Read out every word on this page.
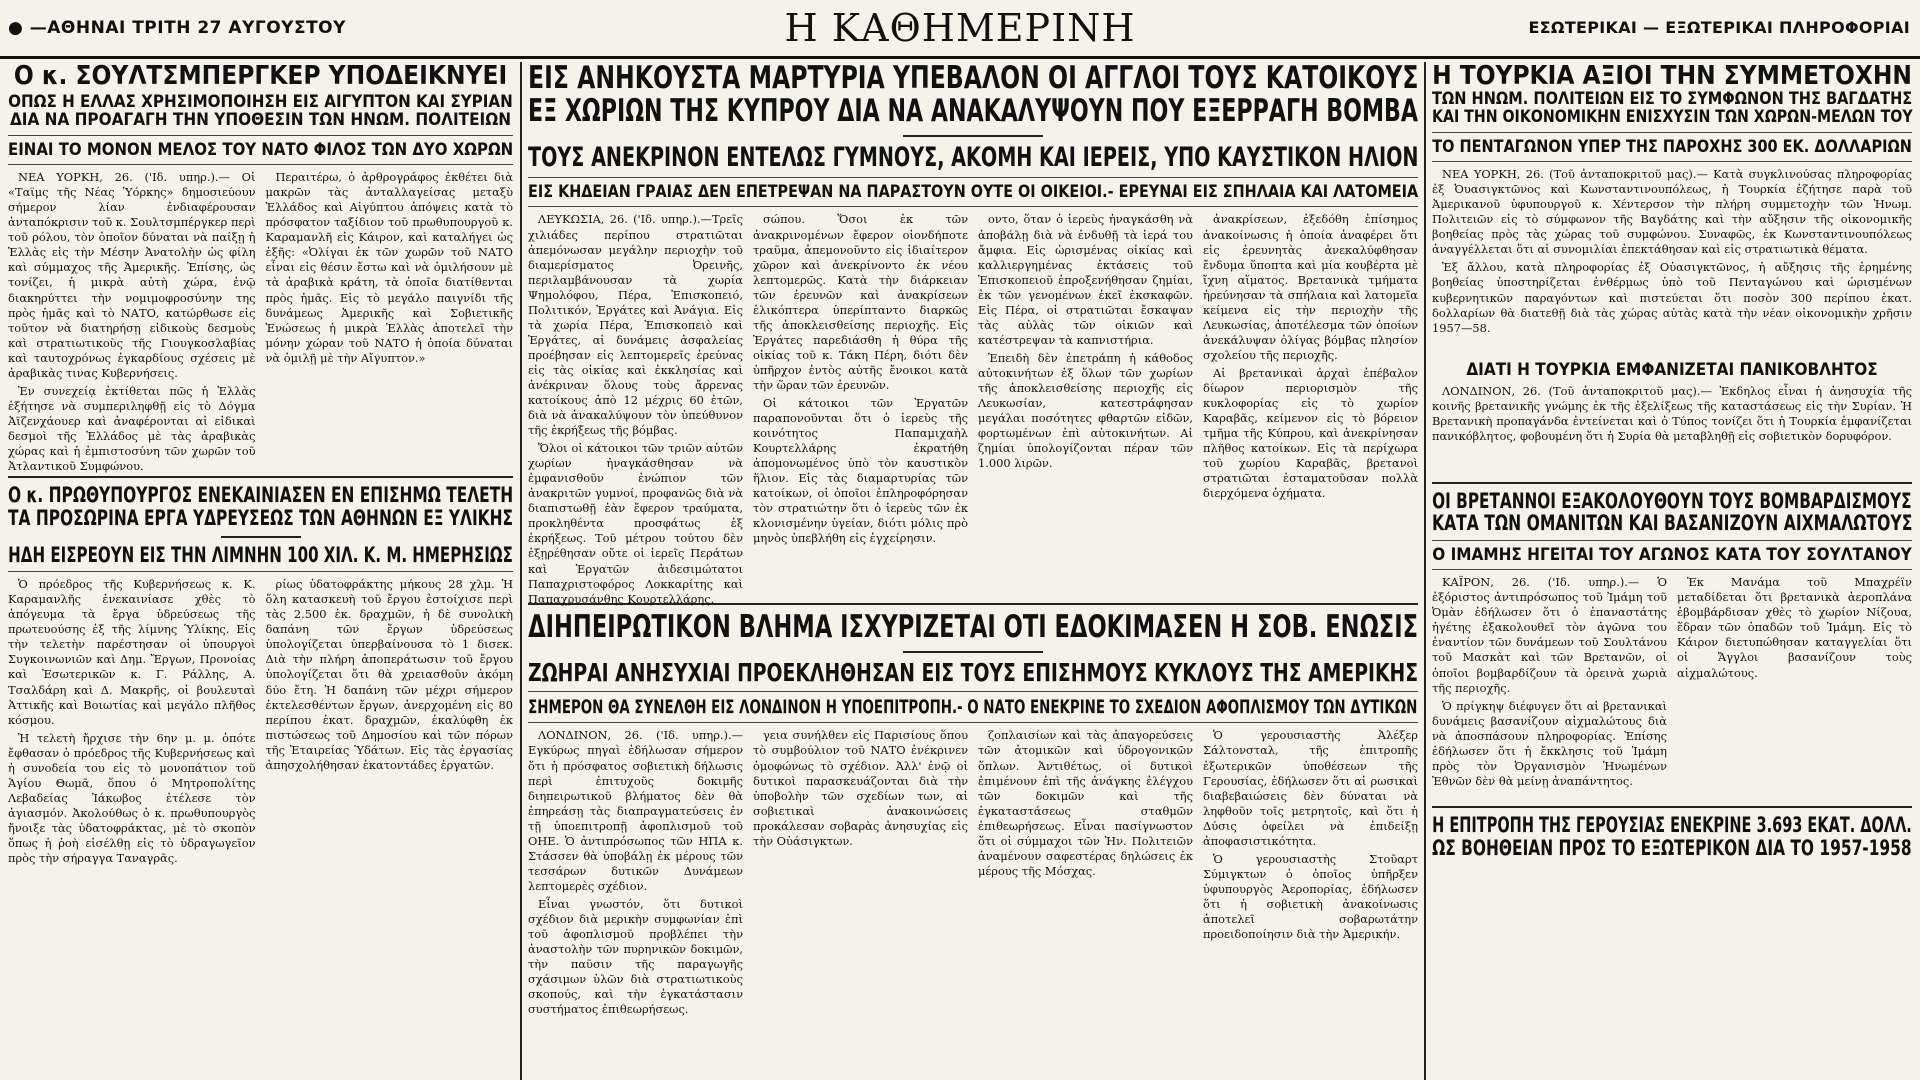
● —ΑΘΗΝΑΙ ΤΡΙΤΗ 27 ΑΥΓΟΥΣΤΟΥ	Η ΚΑΘΗΜΕΡΙΝΗ	ΕΣΩΤΕΡΙΚΑΙ — ΕΞΩΤΕΡΙΚΑΙ ΠΛΗΡΟΦΟΡΙΑΙ

Ο κ. ΣΟΥΛΤΣΜΠΕΡΓΚΕΡ ΥΠΟΔΕΙΚΝΥΕΙ

ΟΠΩΣ Η ΕΛΛΑΣ ΧΡΗΣΙΜΟΠΟΙΗΣΗ ΕΙΣ ΑΙΓΥΠΤΟΝ ΚΑΙ ΣΥΡΙΑΝ

ΔΙΑ ΝΑ ΠΡΟΑΓΑΓΗ ΤΗΝ ΥΠΟΘΕΣΙΝ ΤΩΝ ΗΝΩΜ. ΠΟΛΙΤΕΙΩΝ

ΕΙΝΑΙ ΤΟ ΜΟΝΟΝ ΜΕΛΟΣ ΤΟΥ ΝΑΤΟ ΦΙΛΟΣ ΤΩΝ ΔΥΟ ΧΩΡΩΝ

ΝΕΑ ΥΟΡΚΗ, 26. ('Ιδ. υπηρ.).— Οἱ «Ταϊμς τῆς Νέας Ὑόρκης» δημοσιεύουν σήμερον λίαν ἐνδιαφέρουσαν ἀνταπόκρισιν τοῦ κ. Σουλτσμπέργκερ περὶ τοῦ ρόλου, τὸν ὁποῖον δύναται νὰ παίξῃ ἡ Ἑλλὰς εἰς τὴν Μέσην Ἀνατολὴν ὡς φίλη καὶ σύμμαχος τῆς Ἀμερικῆς. Ἐπίσης, ὡς τονίζει, ἡ μικρὰ αὐτὴ χώρα, ἐνῷ διακηρύττει τὴν νομιμοφροσύνην της πρὸς ἡμᾶς καὶ τὸ ΝΑΤΟ, κατώρθωσε εἰς τοῦτον νὰ διατηρήσῃ εἰδικοὺς δεσμοὺς καὶ στρατιωτικοὺς τῆς Γιουγκοσλαβίας καὶ ταυτοχρόνως ἐγκαρδίους σχέσεις μὲ ἀραβικὰς τινας Κυβερνήσεις.

Ἐν συνεχείᾳ ἐκτίθεται πῶς ἡ Ἑλλὰς ἐξήτησε νὰ συμπεριληφθῇ εἰς τὸ Δόγμα Ἀϊζενχάουερ καὶ ἀναφέρονται αἱ εἰδικαὶ δεσμοὶ τῆς Ἑλλάδος μὲ τὰς ἀραβικὰς χώρας καὶ ἡ ἐμπιστοσύνη τῶν χωρῶν τοῦ Ἀτλαντικοῦ Συμφώνου.

Περαιτέρω, ὁ ἀρθρογράφος ἐκθέτει διὰ μακρῶν τὰς ἀνταλλαγείσας μεταξὺ Ἑλλάδος καὶ Αἰγύπτου ἀπόψεις κατὰ τὸ πρόσφατον ταξίδιον τοῦ πρωθυπουργοῦ κ. Καραμανλῆ εἰς Κάιρον, καὶ καταλήγει ὡς ἑξῆς: «Ὀλίγαι ἐκ τῶν χωρῶν τοῦ ΝΑΤΟ εἶναι εἰς θέσιν ἔστω καὶ νὰ ὁμιλήσουν μὲ τὰ ἀραβικὰ κράτη, τὰ ὁποῖα διατίθενται πρὸς ἡμᾶς. Εἰς τὸ μεγάλο παιγνίδι τῆς δυνάμεως Ἀμερικῆς καὶ Σοβιετικῆς Ἑνώσεως ἡ μικρὰ Ἑλλὰς ἀποτελεῖ τὴν μόνην χώραν τοῦ ΝΑΤΟ ἡ ὁποία δύναται νὰ ὁμιλῇ μὲ τὴν Αἴγυπτον.»

Ο κ. ΠΡΩΘΥΠΟΥΡΓΟΣ ΕΝΕΚΑΙΝΙΑΣΕΝ ΕΝ ΕΠΙΣΗΜΩ ΤΕΛΕΤΗ

ΤΑ ΠΡΟΣΩΡΙΝΑ ΕΡΓΑ ΥΔΡΕΥΣΕΩΣ ΤΩΝ ΑΘΗΝΩΝ ΕΞ ΥΛΙΚΗΣ

ΗΔΗ ΕΙΣΡΕΟΥΝ ΕΙΣ ΤΗΝ ΛΙΜΝΗΝ 100 ΧΙΛ. Κ. Μ. ΗΜΕΡΗΣΙΩΣ

Ὁ πρόεδρος τῆς Κυβερνήσεως κ. Κ. Καραμανλῆς ἐνεκαινίασε χθὲς τὸ ἀπόγευμα τὰ ἔργα ὑδρεύσεως τῆς πρωτευούσης ἐξ τῆς λίμνης Ὑλίκης. Εἰς τὴν τελετὴν παρέστησαν οἱ ὑπουργοὶ Συγκοινωνιῶν καὶ Δημ. Ἔργων, Προνοίας καὶ Ἐσωτερικῶν κ. Γ. Ράλλης, Α. Τσαλδάρη καὶ Δ. Μακρῆς, οἱ βουλευταὶ Ἀττικῆς καὶ Βοιωτίας καὶ μεγάλο πλῆθος κόσμου.

Ἡ τελετὴ ἤρχισε τὴν 6ην μ. μ. ὁπότε ἔφθασαν ὁ πρόεδρος τῆς Κυβερνήσεως καὶ ἡ συνοδεία του εἰς τὸ μονοπάτιον τοῦ Ἁγίου Θωμᾶ, ὅπου ὁ Μητροπολίτης Λεβαδείας Ἰάκωβος ἐτέλεσε τὸν ἁγιασμόν. Ἀκολούθως ὁ κ. πρωθυπουργὸς ἤνοιξε τὰς ὑδατοφράκτας, μὲ τὸ σκοπὸν ὅπως ἡ ῥοὴ εἰσέλθῃ εἰς τὸ ὑδραγωγεῖον πρὸς τὴν σήραγγα Ταναγρᾶς.

ρίως ὑδατοφράκτης μήκους 28 χλμ. Ἡ ὅλη κατασκευὴ τοῦ ἔργου ἐστοίχισε περὶ τὰς 2.500 ἑκ. δραχμῶν, ἡ δὲ συνολικὴ δαπάνη τῶν ἔργων ὑδρεύσεως ὑπολογίζεται ὑπερβαίνουσα τὸ 1 δισεκ. Διὰ τὴν πλήρη ἀποπεράτωσιν τοῦ ἔργου ὑπολογίζεται ὅτι θὰ χρειασθοῦν ἀκόμη δύο ἔτη. Ἡ δαπάνη τῶν μέχρι σήμερον ἐκτελεσθέντων ἔργων, ἀνερχομένη εἰς 80 περίπου ἑκατ. δραχμῶν, ἐκαλύφθη ἐκ πιστώσεως τοῦ Δημοσίου καὶ τῶν πόρων τῆς Ἑταιρείας Ὑδάτων. Εἰς τὰς ἐργασίας ἀπησχολήθησαν ἑκατοντάδες ἐργατῶν.

ΕΙΣ ΑΝΗΚΟΥΣΤΑ ΜΑΡΤΥΡΙΑ ΥΠΕΒΑΛΟΝ ΟΙ ΑΓΓΛΟΙ ΤΟΥΣ ΚΑΤΟΙΚΟΥΣ

ΕΞ ΧΩΡΙΩΝ ΤΗΣ ΚΥΠΡΟΥ ΔΙΑ ΝΑ ΑΝΑΚΑΛΥΨΟΥΝ ΠΟΥ ΕΞΕΡΡΑΓΗ ΒΟΜΒΑ

ΤΟΥΣ ΑΝΕΚΡΙΝΟΝ ΕΝΤΕΛΩΣ ΓΥΜΝΟΥΣ, ΑΚΟΜΗ ΚΑΙ ΙΕΡΕΙΣ, ΥΠΟ ΚΑΥΣΤΙΚΟΝ ΗΛΙΟΝ

ΕΙΣ ΚΗΔΕΙΑΝ ΓΡΑΙΑΣ ΔΕΝ ΕΠΕΤΡΕΨΑΝ ΝΑ ΠΑΡΑΣΤΟΥΝ ΟΥΤΕ ΟΙ ΟΙΚΕΙΟΙ.- ΕΡΕΥΝΑΙ ΕΙΣ ΣΠΗΛΑΙΑ ΚΑΙ ΛΑΤΟΜΕΙΑ

ΛΕΥΚΩΣΙΑ, 26. ('Ιδ. υπηρ.).—Τρεῖς χιλιάδες περίπου στρατιῶται ἀπεμόνωσαν μεγάλην περιοχὴν τοῦ διαμερίσματος Ὀρεινῆς, περιλαμβάνουσαν τὰ χωρία Ψημολόφου, Πέρα, Ἐπισκοπειό, Πολιτικόν, Ἐργάτες καὶ Ἀνάγια. Εἰς τὰ χωρία Πέρα, Ἐπισκοπειὸ καὶ Ἐργάτες, αἱ δυνάμεις ἀσφαλείας προέβησαν εἰς λεπτομερεῖς ἐρεύνας εἰς τὰς οἰκίας καὶ ἐκκλησίας καὶ ἀνέκριναν ὅλους τοὺς ἄρρενας κατοίκους ἀπὸ 12 μέχρις 60 ἐτῶν, διὰ νὰ ἀνακαλύψουν τὸν ὑπεύθυνον τῆς ἐκρήξεως τῆς βόμβας.

Ὅλοι οἱ κάτοικοι τῶν τριῶν αὐτῶν χωρίων ἠναγκάσθησαν νὰ ἐμφανισθοῦν ἐνώπιον τῶν ἀνακριτῶν γυμνοί, προφανῶς διὰ νὰ διαπιστωθῇ ἐὰν ἔφερον τραύματα, προκληθέντα προσφάτως ἐξ ἐκρήξεως. Τοῦ μέτρου τούτου δὲν ἐξῃρέθησαν οὔτε οἱ ἱερεῖς Περάτων καὶ Ἐργατῶν ἀιδεσιμώτατοι Παπαχριστοφόρος Λοκκαρίτης καὶ Παπαχρυσάνθης Κουρτελλάρης.

σώπου. Ὅσοι ἐκ τῶν ἀνακρινομένων ἔφερον οἱονδήποτε τραῦμα, ἀπεμονοῦντο εἰς ἰδιαίτερον χῶρον καὶ ἀνεκρίνοντο ἐκ νέου λεπτομερῶς. Κατὰ τὴν διάρκειαν τῶν ἐρευνῶν καὶ ἀνακρίσεων ἑλικόπτερα ὑπερίπταντο διαρκῶς τῆς ἀποκλεισθείσης περιοχῆς. Εἰς Ἐργάτες παρεδιάσθη ἡ θύρα τῆς οἰκίας τοῦ κ. Τάκη Πέρη, διότι δὲν ὑπῆρχον ἐντὸς αὐτῆς ἔνοικοι κατὰ τὴν ὥραν τῶν ἐρευνῶν.

Οἱ κάτοικοι τῶν Ἐργατῶν παραπονοῦνται ὅτι ὁ ἱερεὺς τῆς κοινότητος Παπαμιχαὴλ Κουρτελλάρης ἐκρατήθη ἀπομονωμένος ὑπὸ τὸν καυστικὸν ἥλιον. Εἰς τὰς διαμαρτυρίας τῶν κατοίκων, οἱ ὁποῖοι ἐπληροφόρησαν τὸν στρατιώτην ὅτι ὁ ἱερεὺς τῶν ἐκ κλονισμένην ὑγείαν, διότι μόλις πρὸ μηνὸς ὑπεβλήθη εἰς ἐγχείρησιν.

οντο, ὅταν ὁ ἱερεὺς ἠναγκάσθη νὰ ἀποβάλῃ διὰ νὰ ἐνδυθῇ τὰ ἱερά του ἄμφια. Εἰς ὡρισμένας οἰκίας καὶ καλλιεργημένας ἐκτάσεις τοῦ Ἐπισκοπειοῦ ἐπροξενήθησαν ζημίαι, ἐκ τῶν γενομένων ἐκεῖ ἐκσκαφῶν. Εἰς Πέρα, οἱ στρατιῶται ἔσκαψαν τὰς αὐλὰς τῶν οἰκιῶν καὶ κατέστρεψαν τὰ καπνιστήρια.

Ἐπειδὴ δὲν ἐπετράπη ἡ κάθοδος αὐτοκινήτων ἐξ ὅλων τῶν χωρίων τῆς ἀποκλεισθείσης περιοχῆς εἰς Λευκωσίαν, κατεστράφησαν μεγάλαι ποσότητες φθαρτῶν εἰδῶν, φορτωμένων ἐπὶ αὐτοκινήτων. Αἱ ζημίαι ὑπολογίζονται πέραν τῶν 1.000 λιρῶν.

ἀνακρίσεων, ἐξεδόθη ἐπίσημος ἀνακοίνωσις ἡ ὁποία ἀναφέρει ὅτι εἰς ἐρευνητὰς ἀνεκαλύφθησαν ἔνδυμα ὕποπτα καὶ μία κουβέρτα μὲ ἴχνη αἵματος. Βρετανικὰ τμήματα ἠρεύνησαν τὰ σπήλαια καὶ λατομεῖα κείμενα εἰς τὴν περιοχὴν τῆς Λευκωσίας, ἀποτέλεσμα τῶν ὁποίων ἀνεκάλυψαν ὀλίγας βόμβας πλησίον σχολείου τῆς περιοχῆς.

Αἱ βρετανικαὶ ἀρχαὶ ἐπέβαλον δίωρον περιορισμὸν τῆς κυκλοφορίας εἰς τὸ χωρίον Καραβᾶς, κείμενον εἰς τὸ βόρειον τμῆμα τῆς Κύπρου, καὶ ἀνεκρίνησαν πλῆθος κατοίκων. Εἰς τὰ περίχωρα τοῦ χωρίου Καραβᾶς, βρετανοὶ στρατιῶται ἐσταματοῦσαν πολλὰ διερχόμενα ὀχήματα.

ΔΙΗΠΕΙΡΩΤΙΚΟΝ ΒΛΗΜΑ ΙΣΧΥΡΙΖΕΤΑΙ ΟΤΙ ΕΔΟΚΙΜΑΣΕΝ Η ΣΟΒ. ΕΝΩΣΙΣ

ΖΩΗΡΑΙ ΑΝΗΣΥΧΙΑΙ ΠΡΟΕΚΛΗΘΗΣΑΝ ΕΙΣ ΤΟΥΣ ΕΠΙΣΗΜΟΥΣ ΚΥΚΛΟΥΣ ΤΗΣ ΑΜΕΡΙΚΗΣ

ΣΗΜΕΡΟΝ ΘΑ ΣΥΝΕΛΘΗ ΕΙΣ ΛΟΝΔΙΝΟΝ Η ΥΠΟΕΠΙΤΡΟΠΗ.- Ο ΝΑΤΟ ΕΝΕΚΡΙΝΕ ΤΟ ΣΧΕΔΙΟΝ ΑΦΟΠΛΙΣΜΟΥ ΤΩΝ ΔΥΤΙΚΩΝ

ΛΟΝΔΙΝΟΝ, 26. ('Ιδ. υπηρ.).—Εγκύρως πηγαὶ ἐδήλωσαν σήμερον ὅτι ἡ πρόσφατος σοβιετικὴ δήλωσις περὶ ἐπιτυχοῦς δοκιμῆς διηπειρωτικοῦ βλήματος δὲν θὰ ἐπηρεάσῃ τὰς διαπραγματεύσεις ἐν τῇ ὑποεπιτροπῇ ἀφοπλισμοῦ τοῦ ΟΗΕ. Ὁ ἀντιπρόσωπος τῶν ΗΠΑ κ. Στάσσεν θὰ ὑποβάλῃ ἐκ μέρους τῶν τεσσάρων δυτικῶν Δυνάμεων λεπτομερὲς σχέδιον.

Εἶναι γνωστόν, ὅτι δυτικοὶ σχέδιον διὰ μερικὴν συμφωνίαν ἐπὶ τοῦ ἀφοπλισμοῦ προβλέπει τὴν ἀναστολὴν τῶν πυρηνικῶν δοκιμῶν, τὴν παῦσιν τῆς παραγωγῆς σχάσιμων ὑλῶν διὰ στρατιωτικοὺς σκοπούς, καὶ τὴν ἐγκατάστασιν συστήματος ἐπιθεωρήσεως.

γεια συνήλθεν εἰς Παρισίους ὅπου τὸ συμβούλιον τοῦ ΝΑΤΟ ἐνέκρινεν ὁμοφώνως τὸ σχέδιον. Ἀλλ' ἐνῷ οἱ δυτικοὶ παρασκευάζονται διὰ τὴν ὑποβολὴν τῶν σχεδίων των, αἱ σοβιετικαὶ ἀνακοινώσεις προκάλεσαν σοβαρὰς ἀνησυχίας εἰς τὴν Οὐάσιγκτων.

ζοπλαισίων καὶ τὰς ἀπαγορεύσεις τῶν ἀτομικῶν καὶ ὑδρογονικῶν ὅπλων. Ἀντιθέτως, οἱ δυτικοὶ ἐπιμένουν ἐπὶ τῆς ἀνάγκης ἐλέγχου τῶν δοκιμῶν καὶ τῆς ἐγκαταστάσεως σταθμῶν ἐπιθεωρήσεως. Εἶναι πασίγνωστον ὅτι οἱ σύμμαχοι τῶν Ἡν. Πολιτειῶν ἀναμένουν σαφεστέρας δηλώσεις ἐκ μέρους τῆς Μόσχας.

Ὁ γερουσιαστὴς Ἀλέξερ Σάλτονσταλ, τῆς ἐπιτροπῆς ἐξωτερικῶν ὑποθέσεων τῆς Γερουσίας, ἐδήλωσεν ὅτι αἱ ρωσικαὶ διαβεβαιώσεις δὲν δύναται νὰ ληφθοῦν τοῖς μετρητοῖς, καὶ ὅτι ἡ Δύσις ὀφείλει νὰ ἐπιδείξῃ ἀποφασιστικότητα.

Ὁ γερουσιαστὴς Στοῦαρτ Σύμιγκτων ὁ ὁποῖος ὑπῆρξεν ὑφυπουργὸς Ἀεροπορίας, ἐδήλωσεν ὅτι ἡ σοβιετικὴ ἀνακοίνωσις ἀποτελεῖ σοβαρωτάτην προειδοποίησιν διὰ τὴν Ἀμερικήν.

Η ΤΟΥΡΚΙΑ ΑΞΙΟΙ ΤΗΝ ΣΥΜΜΕΤΟΧΗΝ

ΤΩΝ ΗΝΩΜ. ΠΟΛΙΤΕΙΩΝ ΕΙΣ ΤΟ ΣΥΜΦΩΝΟΝ ΤΗΣ ΒΑΓΔΑΤΗΣ

ΚΑΙ ΤΗΝ ΟΙΚΟΝΟΜΙΚΗΝ ΕΝΙΣΧΥΣΙΝ ΤΩΝ ΧΩΡΩΝ-ΜΕΛΩΝ ΤΟΥ

ΤΟ ΠΕΝΤΑΓΩΝΟΝ ΥΠΕΡ ΤΗΣ ΠΑΡΟΧΗΣ 300 ΕΚ. ΔΟΛΛΑΡΙΩΝ

ΝΕΑ ΥΟΡΚΗ, 26. (Τοῦ ἀνταποκριτοῦ μας).— Κατὰ συγκλινούσας πληροφορίας ἐξ Ὀυασιγκτῶνος καὶ Κωνσταντινουπόλεως, ἡ Τουρκία ἐζήτησε παρὰ τοῦ Ἀμερικανοῦ ὑφυπουργοῦ κ. Χέντερσον τὴν πλήρη συμμετοχὴν τῶν Ἡνωμ. Πολιτειῶν εἰς τὸ σύμφωνον τῆς Βαγδάτης καὶ τὴν αὔξησιν τῆς οἰκονομικῆς βοηθείας πρὸς τὰς χώρας τοῦ συμφώνου. Συναφῶς, ἐκ Κωνσταντινουπόλεως ἀναγγέλλεται ὅτι αἱ συνομιλίαι ἐπεκτάθησαν καὶ εἰς στρατιωτικὰ θέματα.

Ἐξ ἄλλου, κατὰ πληροφορίας ἐξ Οὐασιγκτῶνος, ἡ αὔξησις τῆς ἐρημένης βοηθείας ὑποστηρίζεται ἐνθέρμως ὑπὸ τοῦ Πενταγώνου καὶ ὡρισμένων κυβερνητικῶν παραγόντων καὶ πιστεύεται ὅτι ποσὸν 300 περίπου ἑκατ. δολλαρίων θὰ διατεθῇ διὰ τὰς χώρας αὐτὰς κατὰ τὴν νέαν οἰκονομικὴν χρῆσιν 1957—58.

ΔΙΑΤΙ Η ΤΟΥΡΚΙΑ ΕΜΦΑΝΙΖΕΤΑΙ ΠΑΝΙΚΟΒΛΗΤΟΣ

ΛΟΝΔΙΝΟΝ, 26. (Τοῦ ἀνταποκριτοῦ μας).— Ἐκδηλος εἶναι ἡ ἀνησυχία τῆς κοινῆς βρετανικῆς γνώμης ἐκ τῆς ἐξελίξεως τῆς καταστάσεως εἰς τὴν Συρίαν. Ἡ Βρετανικὴ προπαγάνδα ἐντείνεται καὶ ὁ Τύπος τονίζει ὅτι ἡ Τουρκία ἐμφανίζεται πανικόβλητος, φοβουμένη ὅτι ἡ Συρία θὰ μεταβληθῇ εἰς σοβιετικὸν δορυφόρον.

ΟΙ ΒΡΕΤΑΝΝΟΙ ΕΞΑΚΟΛΟΥΘΟΥΝ ΤΟΥΣ ΒΟΜΒΑΡΔΙΣΜΟΥΣ

ΚΑΤΑ ΤΩΝ ΟΜΑΝΙΤΩΝ ΚΑΙ ΒΑΣΑΝΙΖΟΥΝ ΑΙΧΜΑΛΩΤΟΥΣ

Ο ΙΜΑΜΗΣ ΗΓΕΙΤΑΙ ΤΟΥ ΑΓΩΝΟΣ ΚΑΤΑ ΤΟΥ ΣΟΥΛΤΑΝΟΥ

ΚΑΪΡΟΝ, 26. ('Ιδ. υπηρ.).— Ὁ ἐξόριστος ἀντιπρόσωπος τοῦ Ἰμάμη τοῦ Ὀμὰν ἐδήλωσεν ὅτι ὁ ἐπαναστάτης ἡγέτης ἐξακολουθεῖ τὸν ἀγῶνα του ἐναντίον τῶν δυνάμεων τοῦ Σουλτάνου τοῦ Μασκὰτ καὶ τῶν Βρετανῶν, οἱ ὁποῖοι βομβαρδίζουν τὰ ὀρεινὰ χωριὰ τῆς περιοχῆς.

Ὁ πρίγκηψ διέφυγεν ὅτι αἱ βρετανικαὶ δυνάμεις βασανίζουν αἰχμαλώτους διὰ νὰ ἀποσπάσουν πληροφορίας. Ἐπίσης ἐδήλωσεν ὅτι ἡ ἔκκλησις τοῦ Ἰμάμη πρὸς τὸν Ὀργανισμὸν Ἡνωμένων Ἐθνῶν δὲν θὰ μείνῃ ἀναπάντητος.

Ἐκ Μανάμα τοῦ Μπαχρέϊν μεταδίδεται ὅτι βρετανικὰ ἀεροπλάνα ἐβομβάρδισαν χθὲς τὸ χωρίον Νίζουα, ἕδραν τῶν ὀπαδῶν τοῦ Ἰμάμη. Εἰς τὸ Κάιρον διετυπώθησαν καταγγελίαι ὅτι οἱ Ἄγγλοι βασανίζουν τοὺς αἰχμαλώτους.

Η ΕΠΙΤΡΟΠΗ ΤΗΣ ΓΕΡΟΥΣΙΑΣ ΕΝΕΚΡΙΝΕ 3.693 ΕΚΑΤ. ΔΟΛΛ.

ΩΣ ΒΟΗΘΕΙΑΝ ΠΡΟΣ ΤΟ ΕΞΩΤΕΡΙΚΟΝ ΔΙΑ ΤΟ 1957-1958
